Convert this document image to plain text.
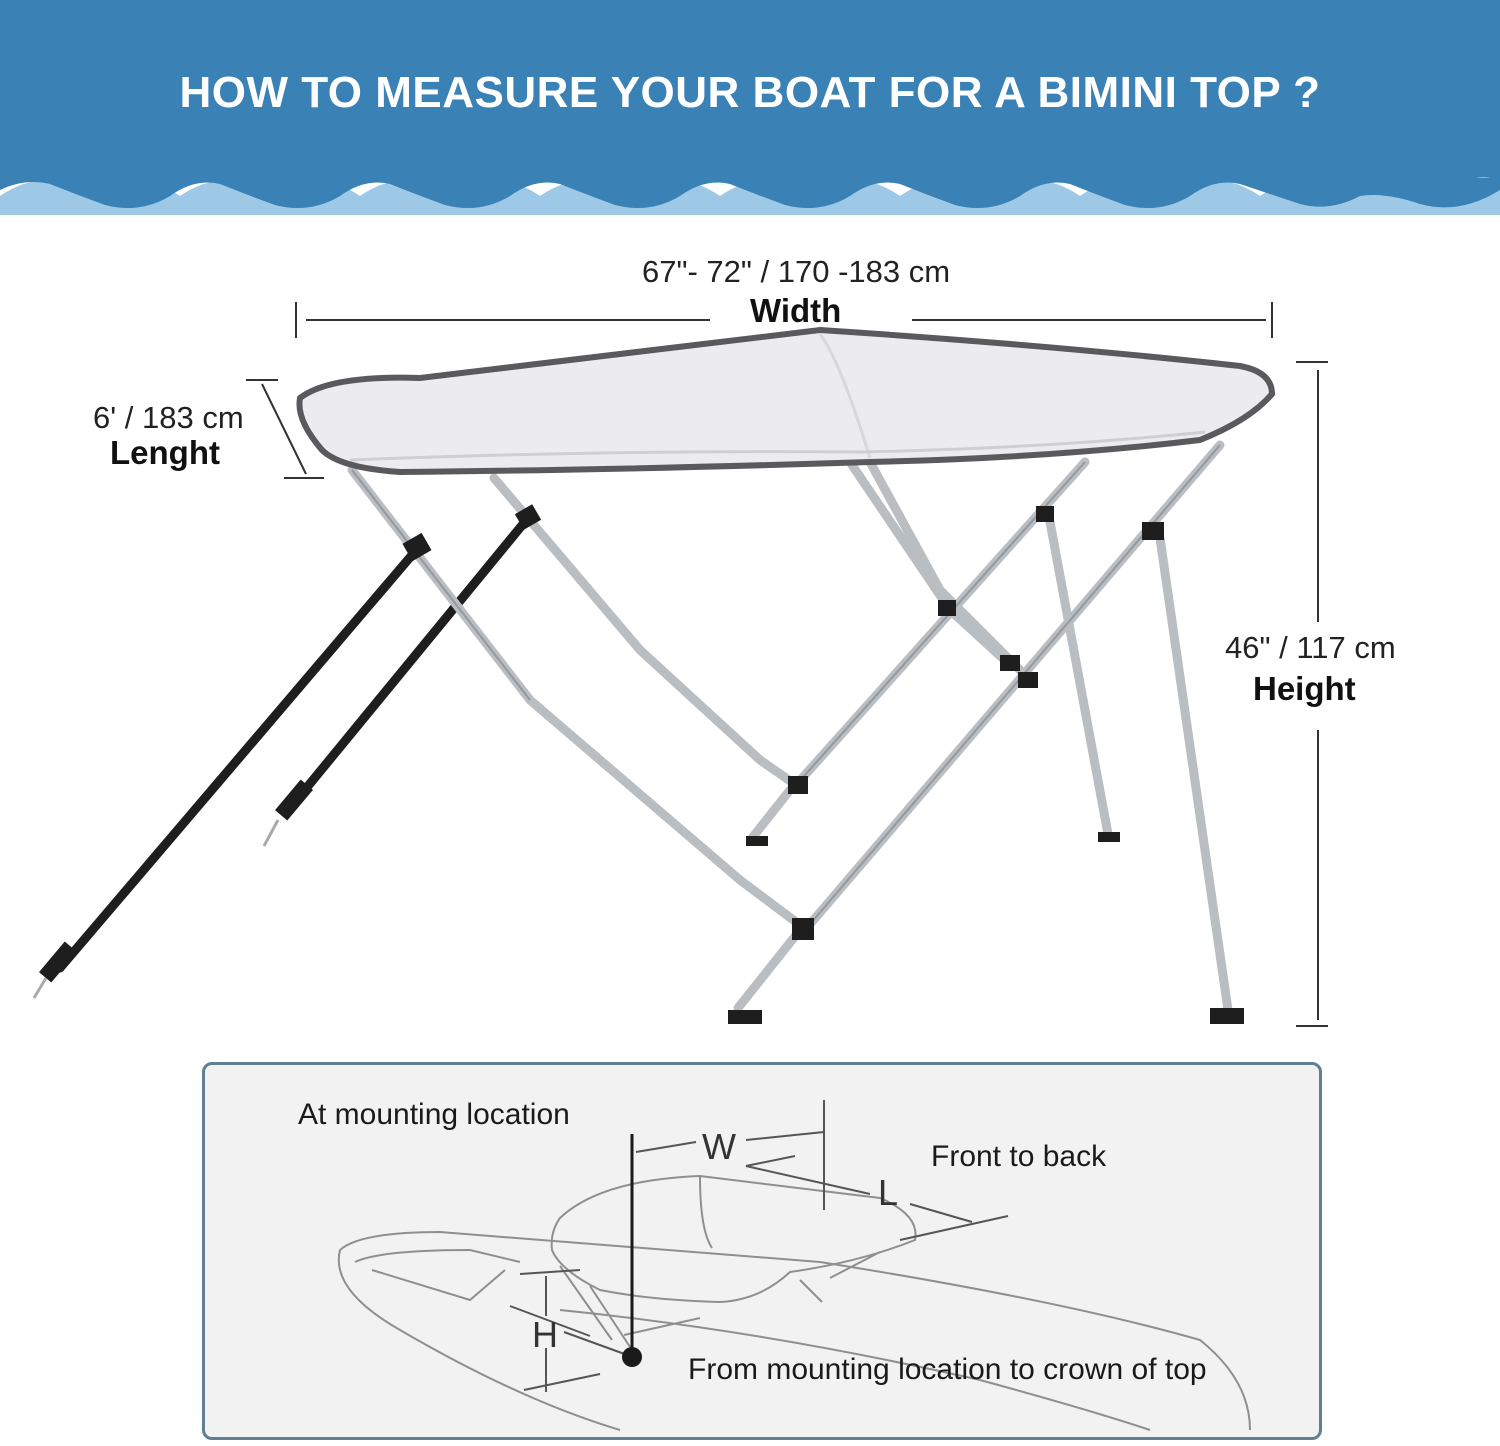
HOW TO MEASURE YOUR BOAT FOR A BIMINI TOP ?
67"- 72" / 170 -183 cm
Width
6' / 183 cm
Lenght
46" / 117 cm
Height
At mounting location
Front to back
From mounting location to crown of top
W
L
H
